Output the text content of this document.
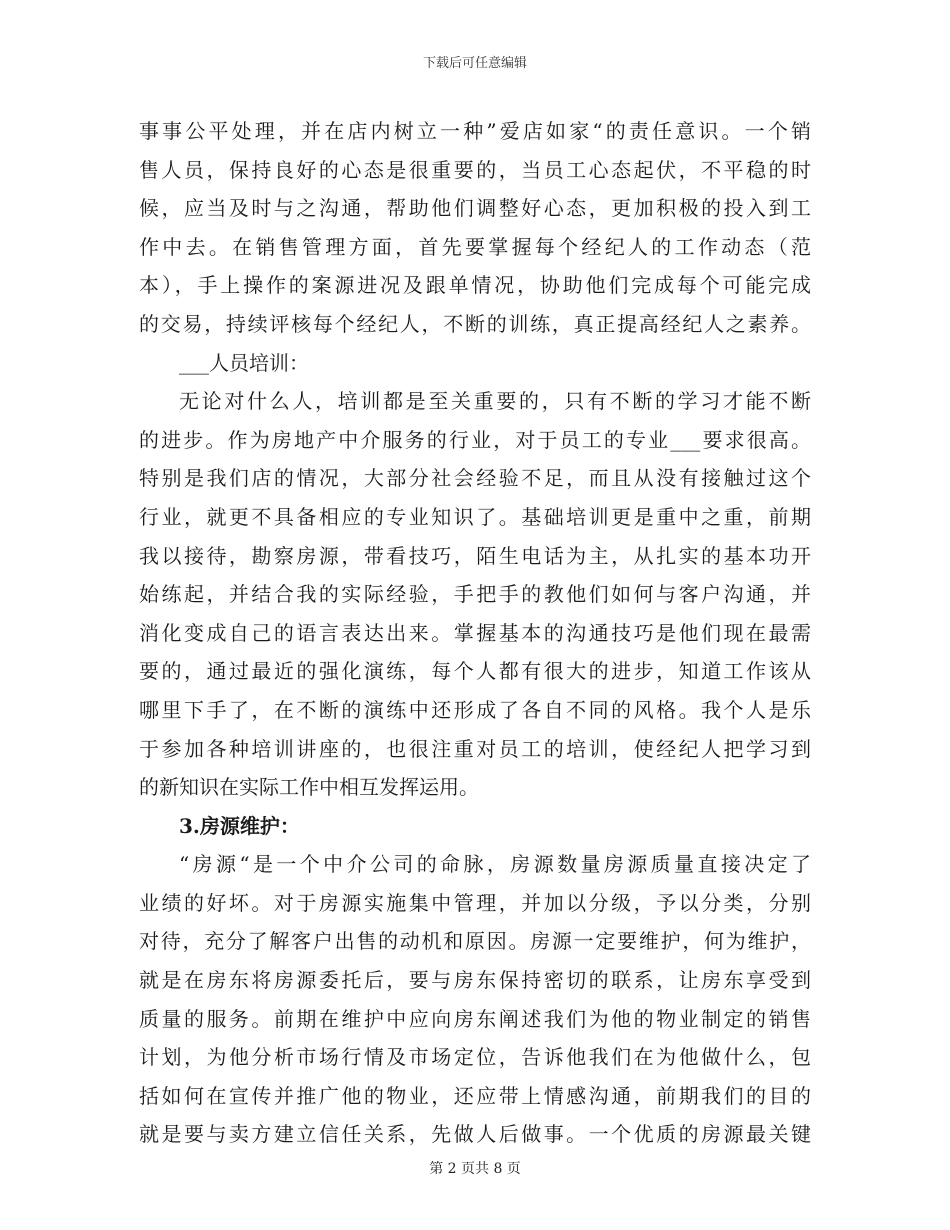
下载后可任意编辑
事事公平处理，并在店内树立一种”爱店如家“的责任意识。一个销
售人员，保持良好的心态是很重要的，当员工心态起伏，不平稳的时
候，应当及时与之沟通，帮助他们调整好心态，更加积极的投入到工
作中去。在销售管理方面，首先要掌握每个经纪人的工作动态（范
本），手上操作的案源进况及跟单情况，协助他们完成每个可能完成
的交易，持续评核每个经纪人，不断的训练，真正提高经纪人之素养。
___人员培训：
无论对什么人，培训都是至关重要的，只有不断的学习才能不断
的进步。作为房地产中介服务的行业，对于员工的专业___要求很高。
特别是我们店的情况，大部分社会经验不足，而且从没有接触过这个
行业，就更不具备相应的专业知识了。基础培训更是重中之重，前期
我以接待，勘察房源，带看技巧，陌生电话为主，从扎实的基本功开
始练起，并结合我的实际经验，手把手的教他们如何与客户沟通，并
消化变成自己的语言表达出来。掌握基本的沟通技巧是他们现在最需
要的，通过最近的强化演练，每个人都有很大的进步，知道工作该从
哪里下手了，在不断的演练中还形成了各自不同的风格。我个人是乐
于参加各种培训讲座的，也很注重对员工的培训，使经纪人把学习到
的新知识在实际工作中相互发挥运用。
3.房源维护：
“房源“是一个中介公司的命脉，房源数量房源质量直接决定了
业绩的好坏。对于房源实施集中管理，并加以分级，予以分类，分别
对待，充分了解客户出售的动机和原因。房源一定要维护，何为维护，
就是在房东将房源委托后，要与房东保持密切的联系，让房东享受到
质量的服务。前期在维护中应向房东阐述我们为他的物业制定的销售
计划，为他分析市场行情及市场定位，告诉他我们在为他做什么，包
括如何在宣传并推广他的物业，还应带上情感沟通，前期我们的目的
就是要与卖方建立信任关系，先做人后做事。一个优质的房源最关键
第 2 页共 8 页
